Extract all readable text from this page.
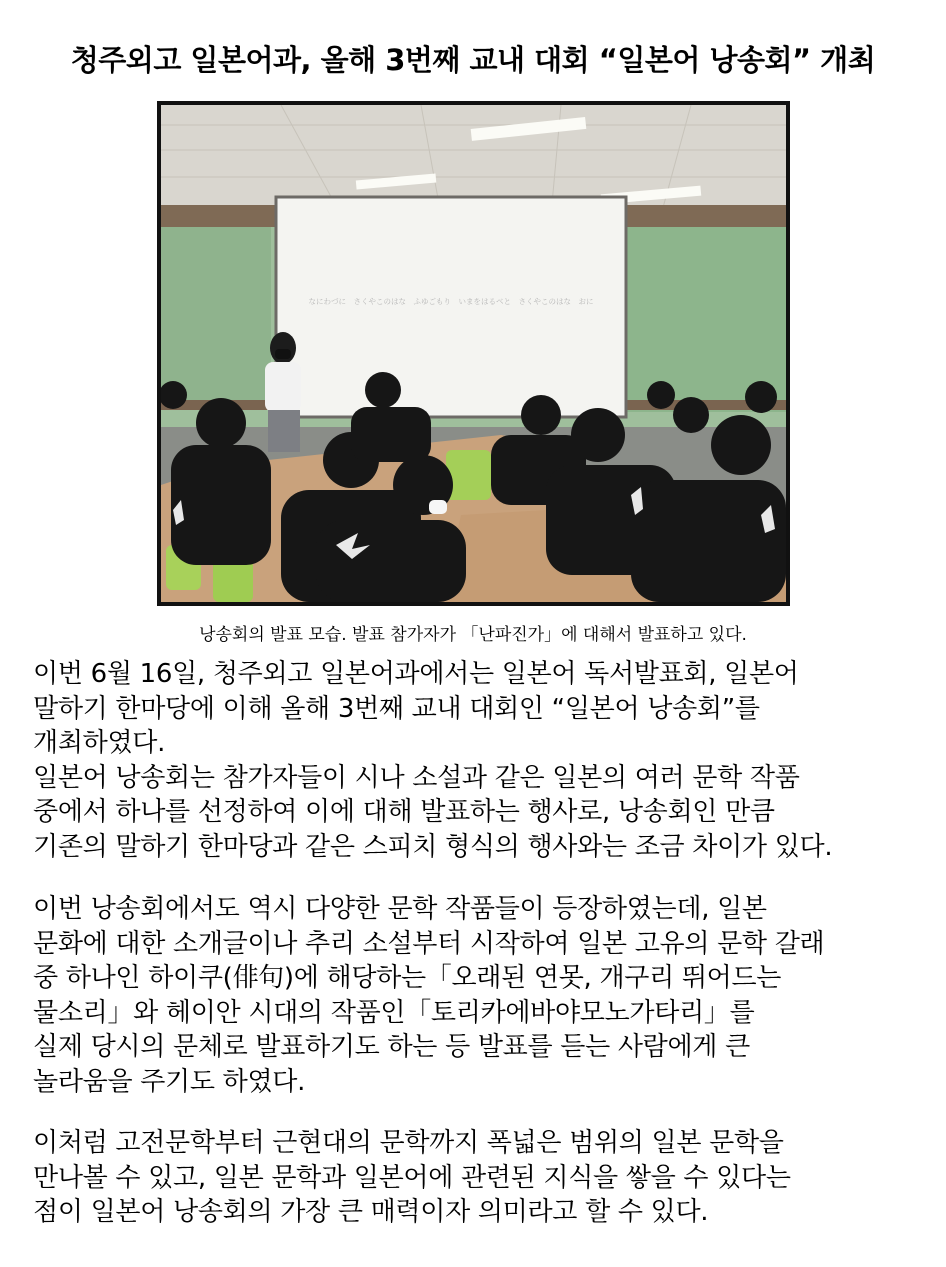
청주외고 일본어과, 올해 3번째 교내 대회 “일본어 낭송회” 개최
なにわづに　さくやこのはな　ふゆごもり　いまをはるべと　さくやこのはな　おに
낭송회의 발표 모습. 발표 참가자가 「난파진가」에 대해서 발표하고 있다.
이번 6월 16일, 청주외고 일본어과에서는 일본어 독서발표회, 일본어
말하기 한마당에 이해 올해 3번째 교내 대회인 “일본어 낭송회”를
개최하였다.
일본어 낭송회는 참가자들이 시나 소설과 같은 일본의 여러 문학 작품
중에서 하나를 선정하여 이에 대해 발표하는 행사로, 낭송회인 만큼
기존의 말하기 한마당과 같은 스피치 형식의 행사와는 조금 차이가 있다.
이번 낭송회에서도 역시 다양한 문학 작품들이 등장하였는데, 일본
문화에 대한 소개글이나 추리 소설부터 시작하여 일본 고유의 문학 갈래
중 하나인 하이쿠(俳句)에 해당하는「오래된 연못, 개구리 뛰어드는
물소리」와 헤이안 시대의 작품인「토리카에바야모노가타리」를
실제 당시의 문체로 발표하기도 하는 등 발표를 듣는 사람에게 큰
놀라움을 주기도 하였다.
이처럼 고전문학부터 근현대의 문학까지 폭넓은 범위의 일본 문학을
만나볼 수 있고, 일본 문학과 일본어에 관련된 지식을 쌓을 수 있다는
점이 일본어 낭송회의 가장 큰 매력이자 의미라고 할 수 있다.
